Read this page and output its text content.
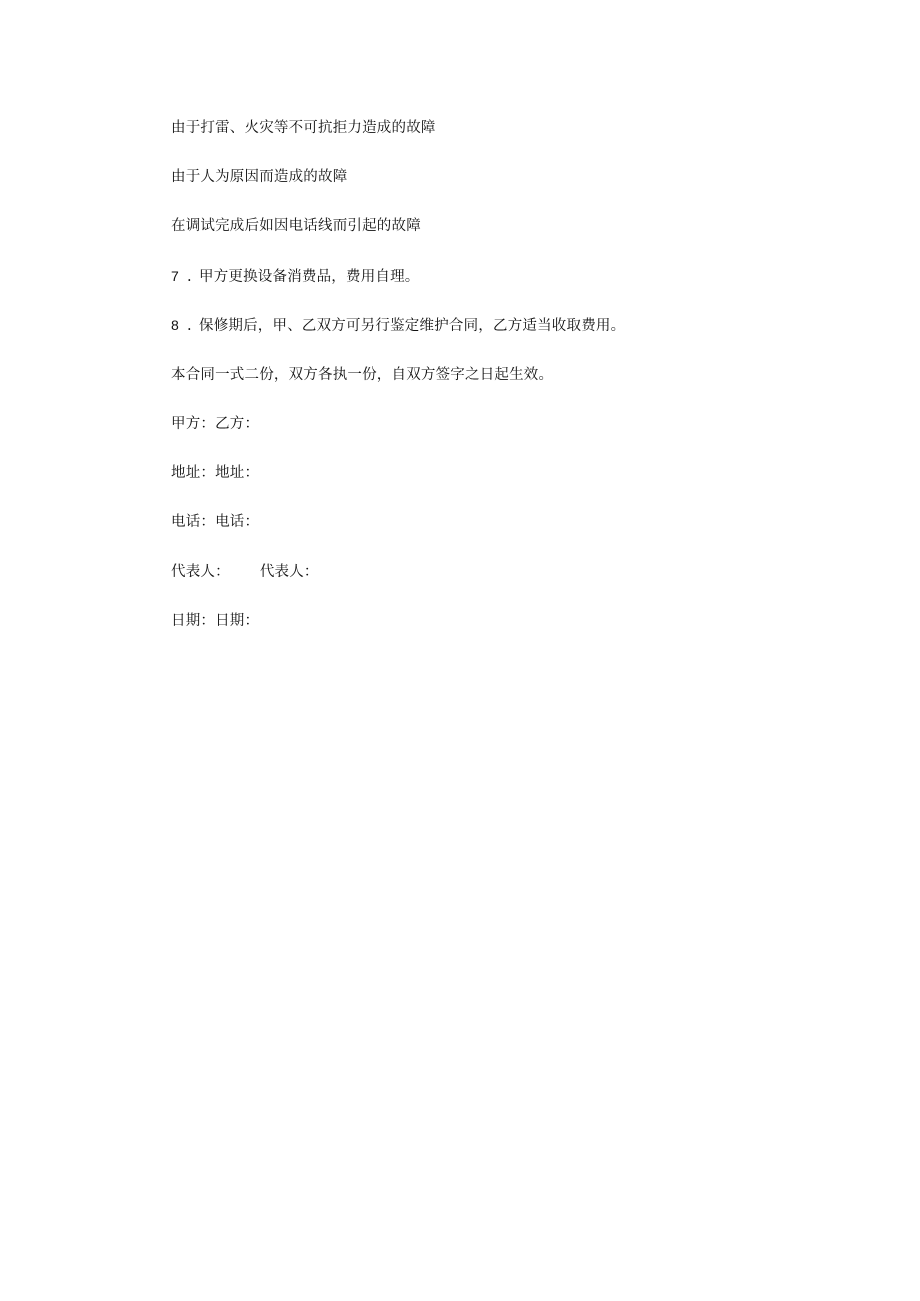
由于打雷、火灾等不可抗拒力造成的故障
由于人为原因而造成的故障
在调试完成后如因电话线而引起的故障
7 . 甲方更换设备消费品，费用自理。
8 . 保修期后，甲、乙双方可另行鉴定维护合同，乙方适当收取费用。
本合同一式二份，双方各执一份，自双方签字之日起生效。
甲方：乙方：
地址：地址：
电话：电话：
代表人： 代表人：
日期：日期：
